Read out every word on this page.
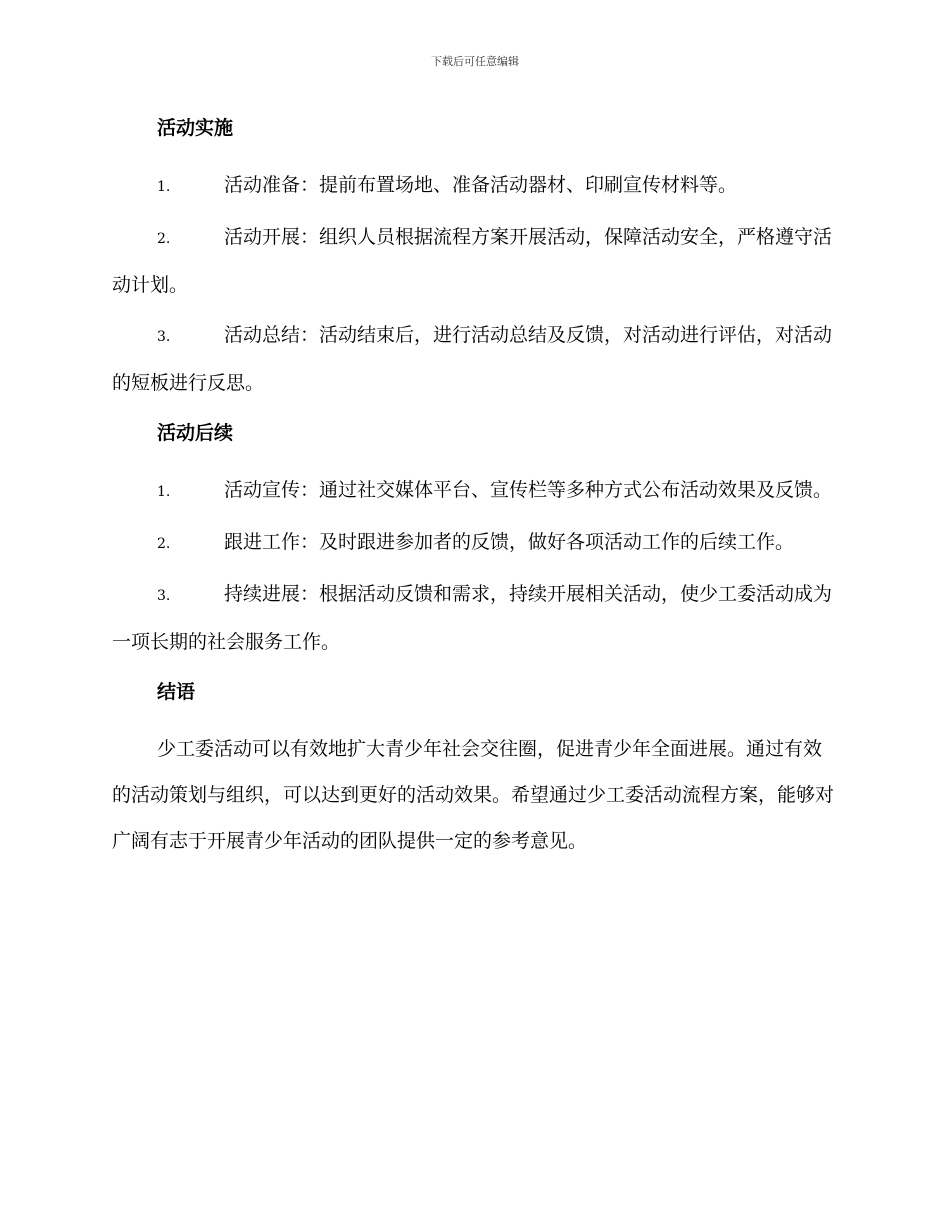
下载后可任意编辑
活动实施
1.	活动准备：提前布置场地、准备活动器材、印刷宣传材料等。
2.	活动开展：组织人员根据流程方案开展活动，保障活动安全，严格遵守活动计划。
3.	活动总结：活动结束后，进行活动总结及反馈，对活动进行评估，对活动的短板进行反思。
活动后续
1.	活动宣传：通过社交媒体平台、宣传栏等多种方式公布活动效果及反馈。
2.	跟进工作：及时跟进参加者的反馈，做好各项活动工作的后续工作。
3.	持续进展：根据活动反馈和需求，持续开展相关活动，使少工委活动成为一项长期的社会服务工作。
结语
少工委活动可以有效地扩大青少年社会交往圈，促进青少年全面进展。通过有效的活动策划与组织，可以达到更好的活动效果。希望通过少工委活动流程方案，能够对广阔有志于开展青少年活动的团队提供一定的参考意见。
